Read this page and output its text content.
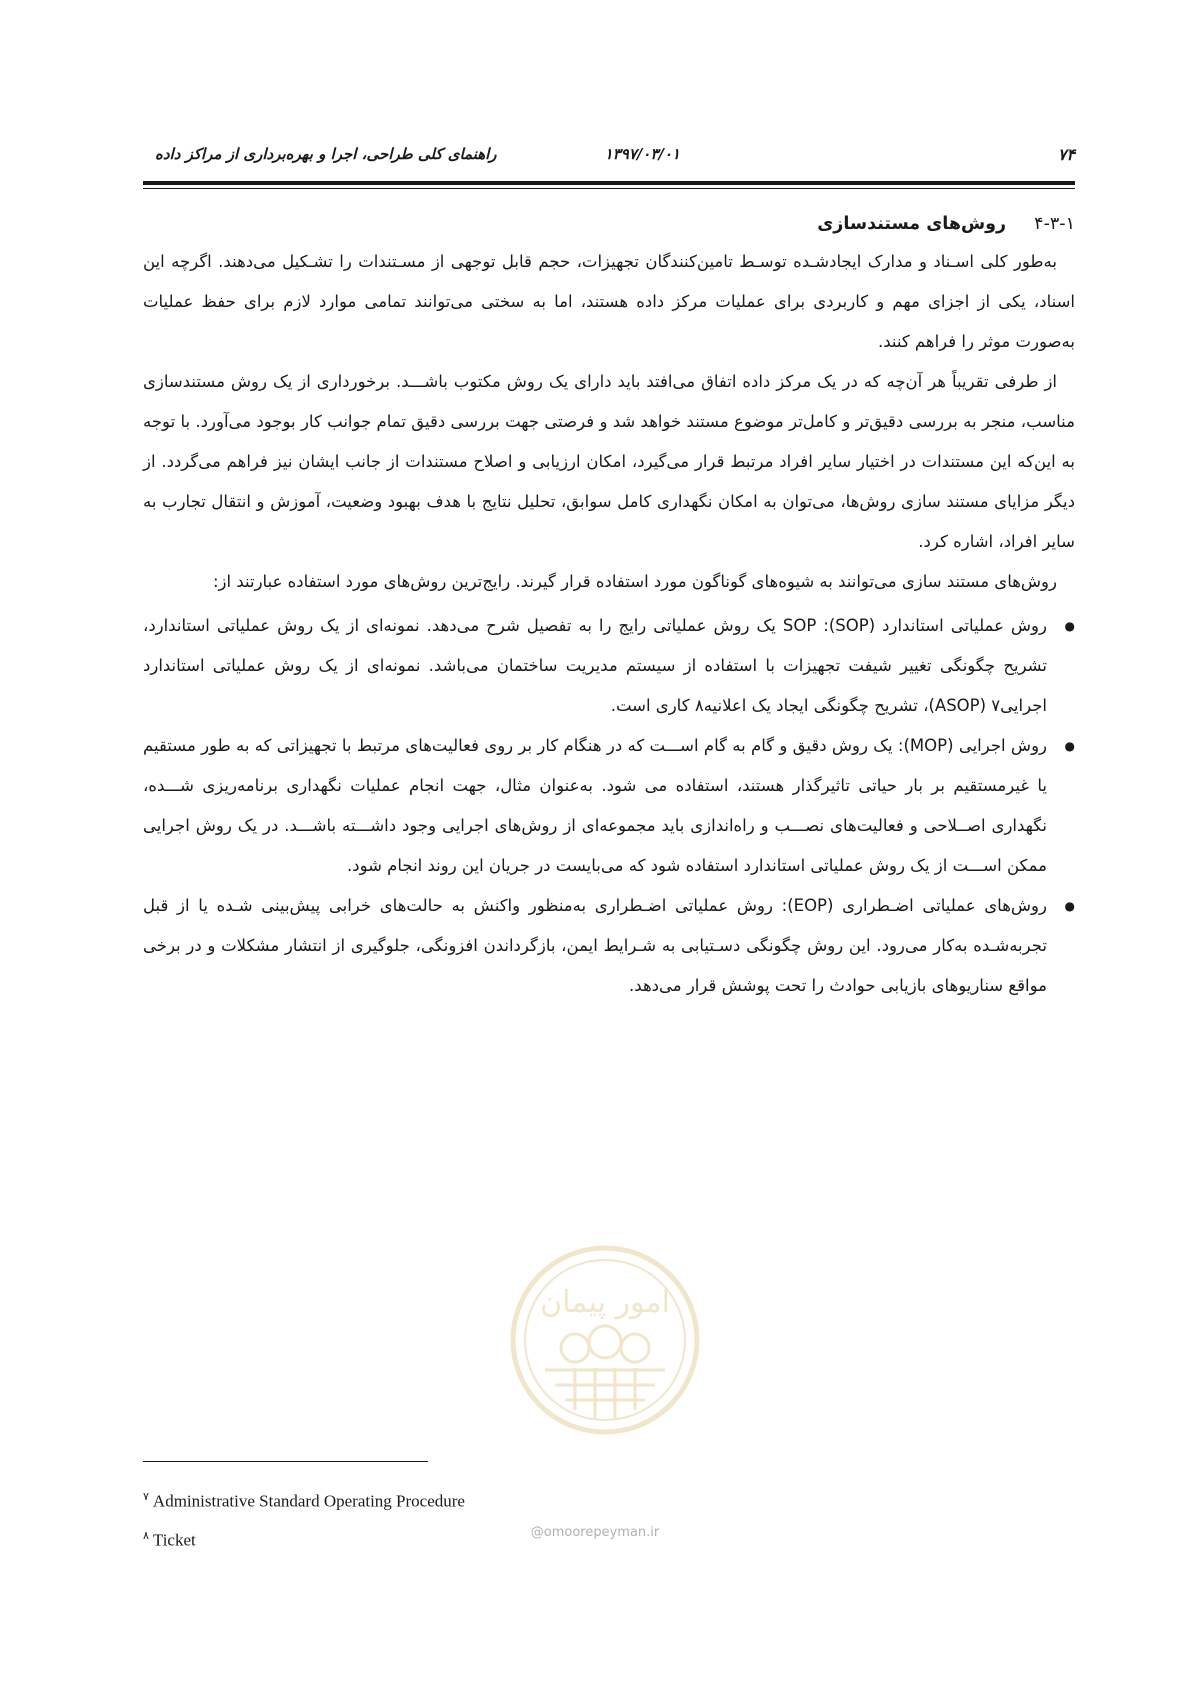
۷۴
۱۳۹۷/۰۳/۰۱
راهنمای کلی طراحی، اجرا و بهره‌برداری از مراکز داده
۴-۳-۱ روش‌های مستندسازی

به‌طور کلی اسـناد و مدارک ایجادشـده توسـط تامین‌کنندگان تجهیزات، حجم قابل توجهی از مسـتندات را تشـکیل می‌دهند. اگرچه این اسناد، یکی از اجزای مهم و کاربردی برای عملیات مرکز داده هستند، اما به سختی می‌توانند تمامی موارد لازم برای حفظ عملیات به‌صورت موثر را فراهم کنند.

از طرفی تقریباً هر آن‌چه که در یک مرکز داده اتفاق می‌افتد باید دارای یک روش مکتوب باشـــد. برخورداری از یک روش مستندسازی مناسب، منجر به بررسی دقیق‌تر و کامل‌تر موضوع مستند خواهد شد و فرصتی جهت بررسی دقیق تمام جوانب کار بوجود می‌آورد. با توجه به این‌که این مستندات در اختیار سایر افراد مرتبط قرار می‌گیرد، امکان ارزیابی و اصلاح مستندات از جانب ایشان نیز فراهم می‌گردد. از دیگر مزایای مستند سازی روش‌ها، می‌توان به امکان نگهداری کامل سوابق، تحلیل نتایج با هدف بهبود وضعیت، آموزش و انتقال تجارب به سایر افراد، اشاره کرد.

روش‌های مستند سازی می‌توانند به شیوه‌های گوناگون مورد استفاده قرار گیرند. رایج‌ترین روش‌های مورد استفاده عبارتند از:

● روش عملیاتی استاندارد (SOP): SOP یک روش عملیاتی رایج را به تفصیل شرح می‌دهد. نمونه‌ای از یک روش عملیاتی استاندارد، تشریح چگونگی تغییر شیفت تجهیزات با استفاده از سیستم مدیریت ساختمان می‌باشد. نمونه‌ای از یک روش عملیاتی استاندارد اجرایی۷ (ASOP)، تشریح چگونگی ایجاد یک اعلانیه۸ کاری است.
● روش اجرایی (MOP): یک روش دقیق و گام به گام اســـت که در هنگام کار بر روی فعالیت‌های مرتبط با تجهیزاتی که به طور مستقیم یا غیرمستقیم بر بار حیاتی تاثیرگذار هستند، استفاده می شود. به‌عنوان مثال، جهت انجام عملیات نگهداری برنامه‌ریزی شـــده، نگهداری اصــلاحی و فعالیت‌های نصـــب و راه‌اندازی باید مجموعه‌ای از روش‌های اجرایی وجود داشـــته باشـــد. در یک روش اجرایی ممکن اســـت از یک روش عملیاتی استاندارد استفاده شود که می‌بایست در جریان این روند انجام شود.
● روش‌های عملیاتی اضـطراری (EOP): روش عملیاتی اضـطراری به‌منظور واکنش به حالت‌های خرابی پیش‌بینی شـده یا از قبل تجربه‌شـده به‌کار می‌رود. این روش چگونگی دسـتیابی به شـرایط ایمن، بازگرداندن افزونگی، جلوگیری از انتشار مشکلات و در برخی مواقع سناریوهای بازیابی حوادث را تحت پوشش قرار می‌دهد.
امور پیمان
@omoorepeyman.ir
$^۷$ Administrative Standard Operating Procedure
$^۸$ Ticket
